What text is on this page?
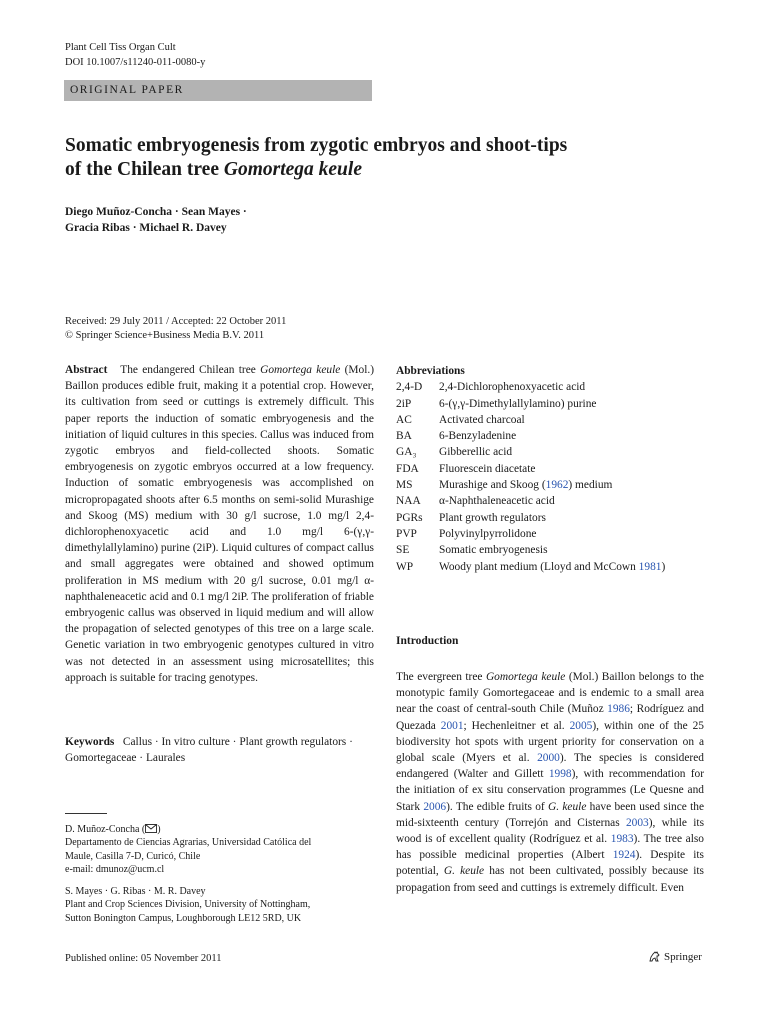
Plant Cell Tiss Organ Cult
DOI 10.1007/s11240-011-0080-y
ORIGINAL PAPER
Somatic embryogenesis from zygotic embryos and shoot-tips
of the Chilean tree Gomortega keule
Diego Muñoz-Concha · Sean Mayes ·
Gracia Ribas · Michael R. Davey
Received: 29 July 2011 / Accepted: 22 October 2011
© Springer Science+Business Media B.V. 2011
Abstract The endangered Chilean tree Gomortega keule (Mol.) Baillon produces edible fruit, making it a potential crop. However, its cultivation from seed or cuttings is extremely difficult. This paper reports the induction of somatic embryogenesis and the initiation of liquid cultures in this species. Callus was induced from zygotic embryos and field-collected shoots. Somatic embryogenesis on zygotic embryos occurred at a low frequency. Induction of somatic embryogenesis was accomplished on micropropagated shoots after 6.5 months on semi-solid Murashige and Skoog (MS) medium with 30 g/l sucrose, 1.0 mg/l 2,4-dichlorophenoxyacetic acid and 1.0 mg/l 6-(γ,γ-dimethylallylamino) purine (2iP). Liquid cultures of compact callus and small aggregates were obtained and showed optimum proliferation in MS medium with 20 g/l sucrose, 0.01 mg/l α-naphthaleneacetic acid and 0.1 mg/l 2iP. The proliferation of friable embryogenic callus was observed in liquid medium and will allow the propagation of selected genotypes of this tree on a large scale. Genetic variation in two embryogenic genotypes cultured in vitro was not detected in an assessment using microsatellites; this approach is suitable for tracing genotypes.
Keywords Callus · In vitro culture · Plant growth regulators · Gomortegaceae · Laurales
D. Muñoz-Concha ( )
Departamento de Ciencias Agrarias, Universidad Católica del
Maule, Casilla 7-D, Curicó, Chile
e-mail: dmunoz@ucm.cl
S. Mayes · G. Ribas · M. R. Davey
Plant and Crop Sciences Division, University of Nottingham,
Sutton Bonington Campus, Loughborough LE12 5RD, UK
Published online: 05 November 2011
Abbreviations
2,4-D	2,4-Dichlorophenoxyacetic acid
2iP	6-(γ,γ-Dimethylallylamino) purine
AC	Activated charcoal
BA	6-Benzyladenine
GA₃	Gibberellic acid
FDA	Fluorescein diacetate
MS	Murashige and Skoog (1962) medium
NAA	α-Naphthaleneacetic acid
PGRs	Plant growth regulators
PVP	Polyvinylpyrrolidone
SE	Somatic embryogenesis
WP	Woody plant medium (Lloyd and McCown 1981)
Introduction
The evergreen tree Gomortega keule (Mol.) Baillon belongs to the monotypic family Gomortegaceae and is endemic to a small area near the coast of central-south Chile (Muñoz 1986; Rodríguez and Quezada 2001; Hechenleitner et al. 2005), within one of the 25 biodiversity hot spots with urgent priority for conservation on a global scale (Myers et al. 2000). The species is considered endangered (Walter and Gillett 1998), with recommendation for the initiation of ex situ conservation programmes (Le Quesne and Stark 2006). The edible fruits of G. keule have been used since the mid-sixteenth century (Torrejón and Cisternas 2003), while its wood is of excellent quality (Rodríguez et al. 1983). The tree also has possible medicinal properties (Albert 1924). Despite its potential, G. keule has not been cultivated, possibly because its propagation from seed and cuttings is extremely difficult. Even
Springer
